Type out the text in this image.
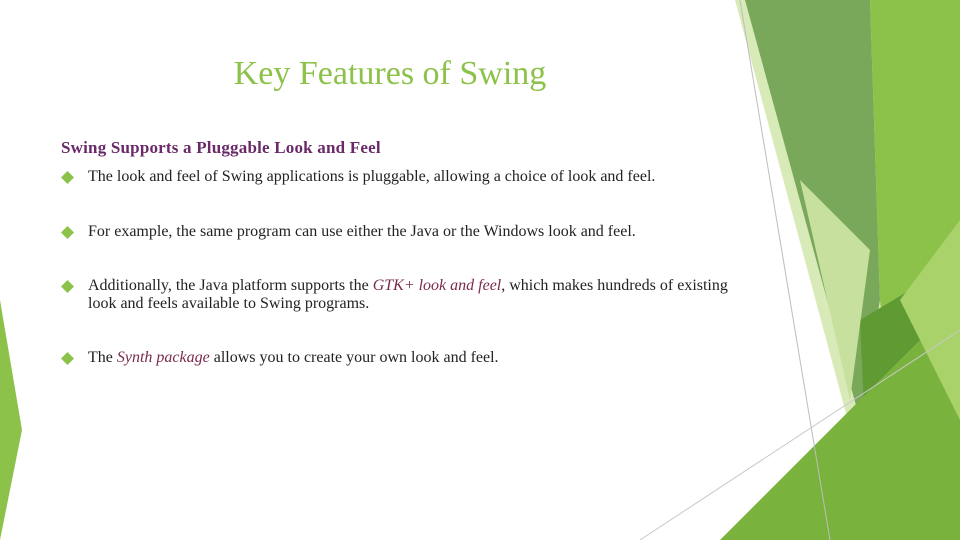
Key Features of Swing
Swing Supports a Pluggable Look and Feel
The look and feel of Swing applications is pluggable, allowing a choice of look and feel.
For example, the same program can use either the Java or the Windows look and feel.
Additionally, the Java platform supports the GTK+ look and feel, which makes hundreds of existing look and feels available to Swing programs.
The Synth package allows you to create your own look and feel.
